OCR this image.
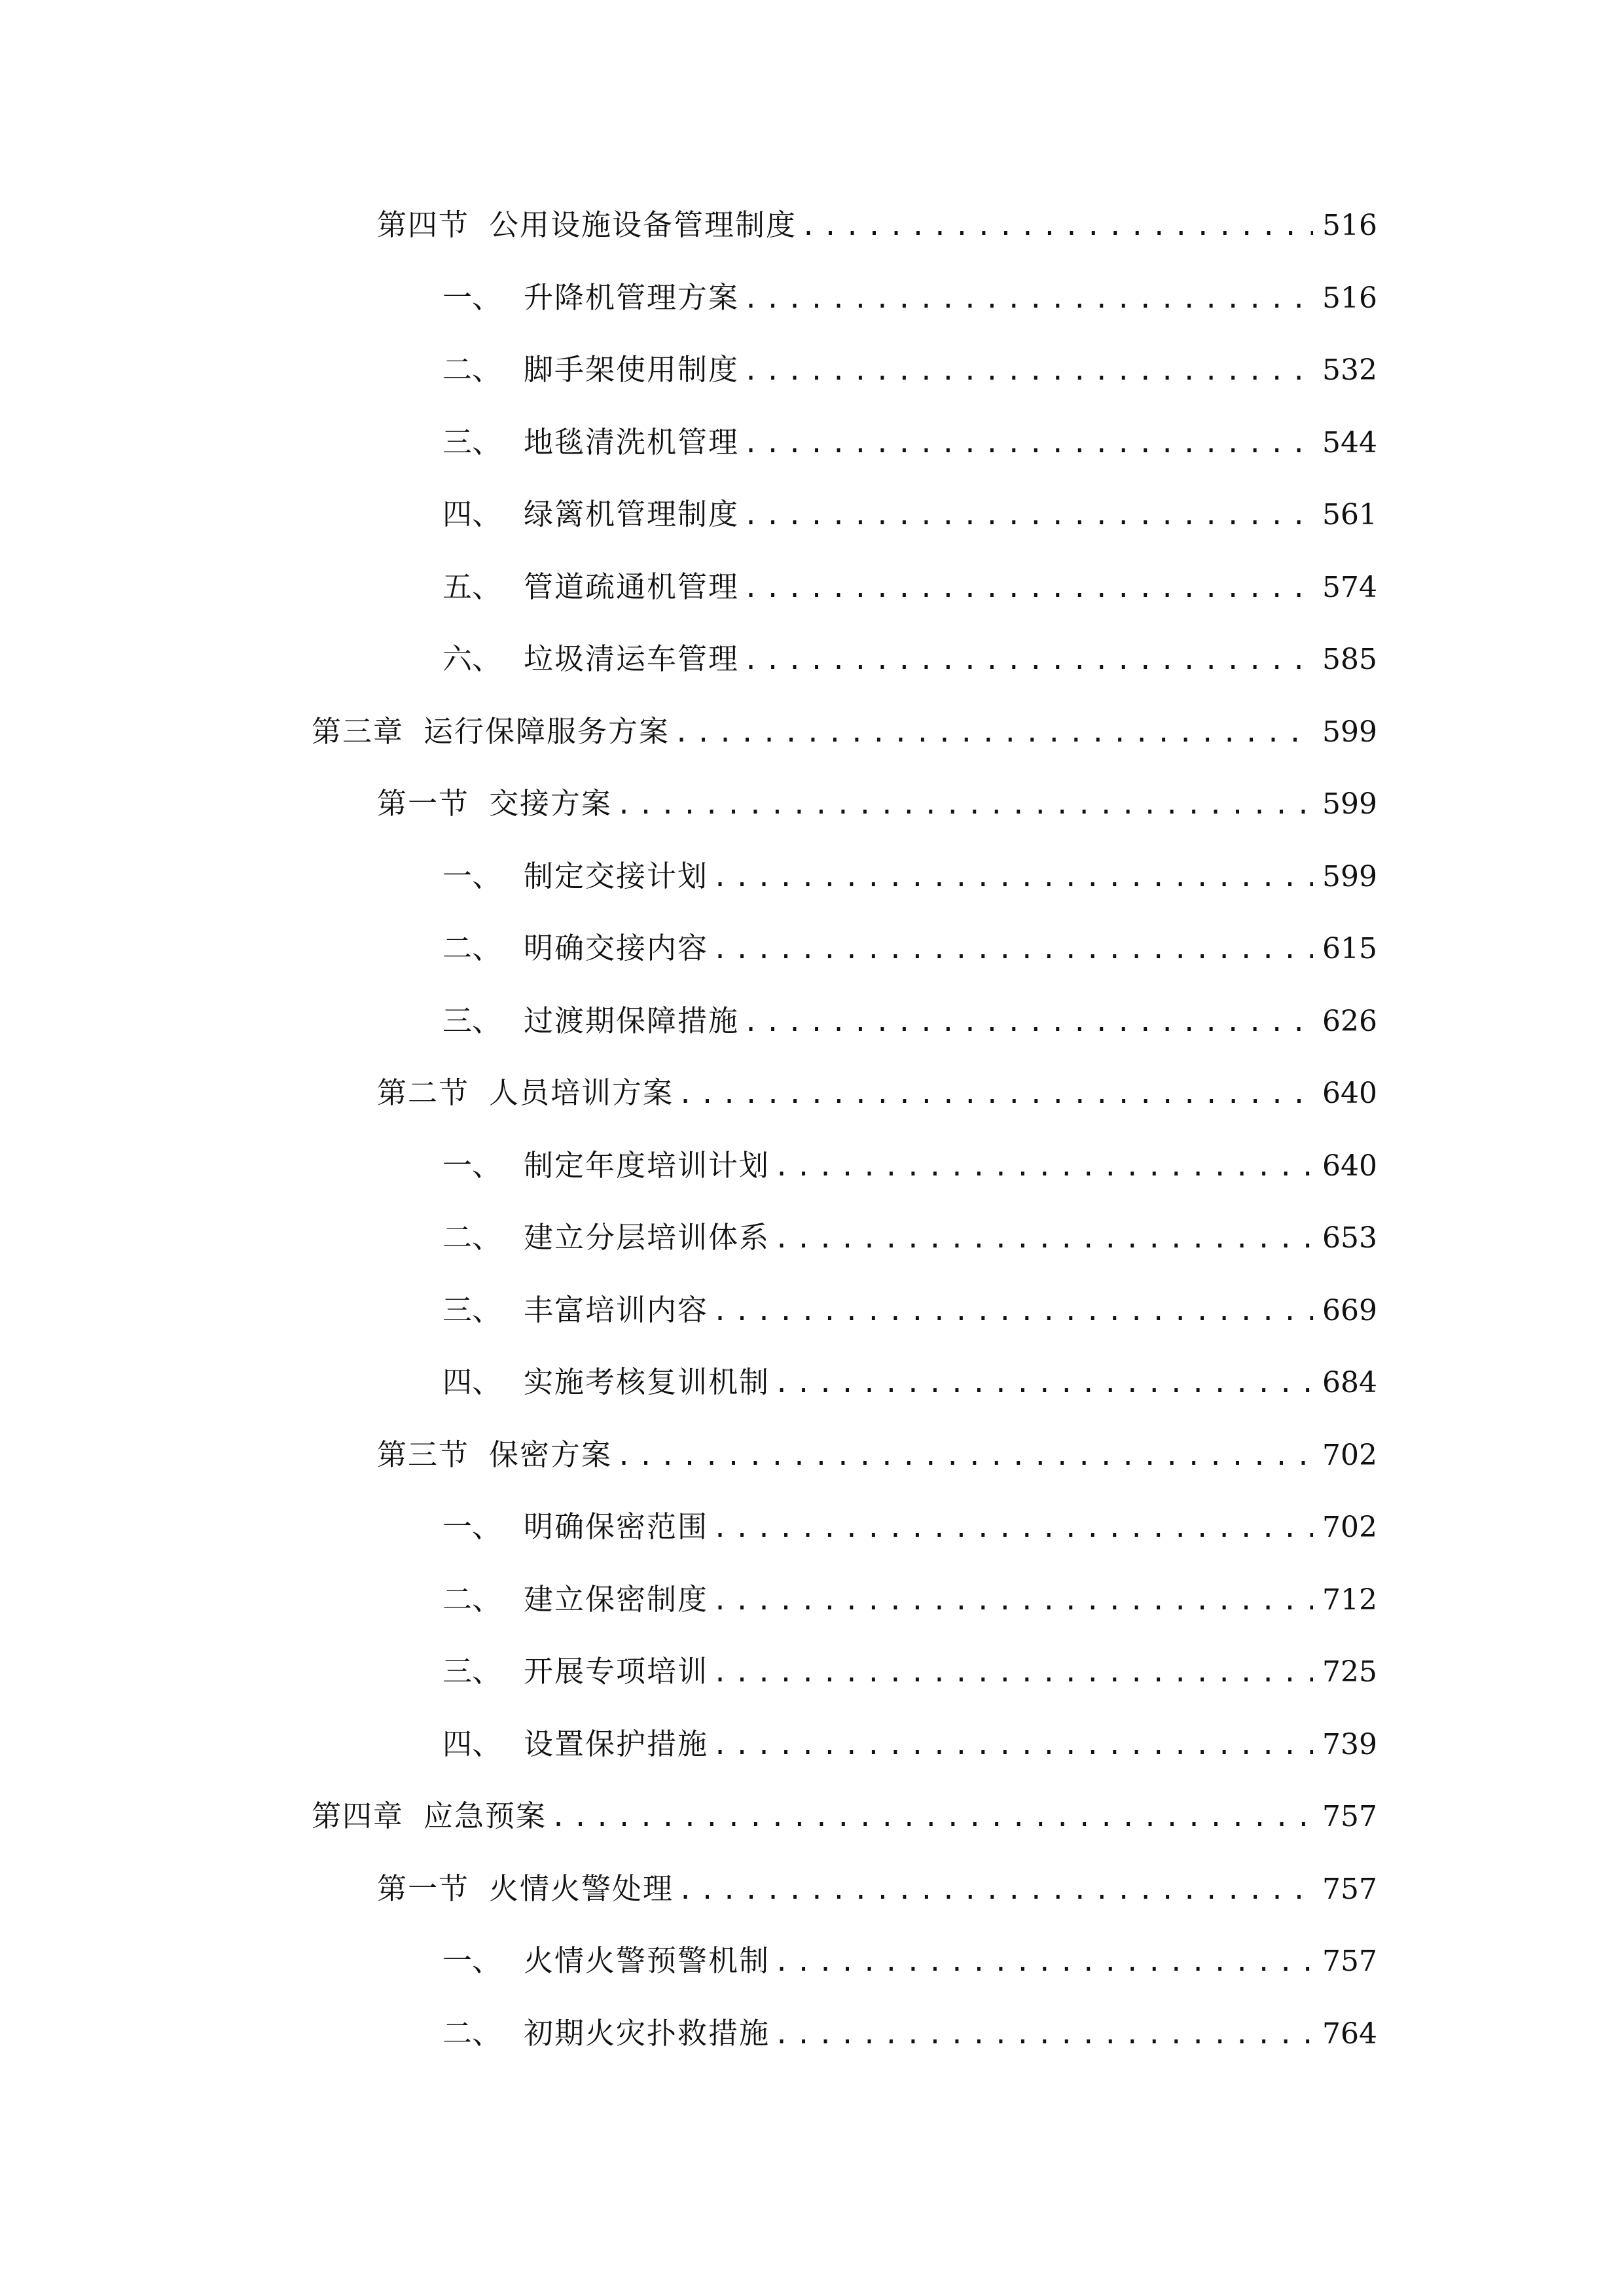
第四节 公用设施设备管理制度 .....	516
一、 升降机管理方案 .....	516
二、 脚手架使用制度 .....	532
三、 地毯清洗机管理 .....	544
四、 绿篱机管理制度 .....	561
五、 管道疏通机管理 .....	574
六、 垃圾清运车管理 .....	585
第三章 运行保障服务方案 .....	599
第一节 交接方案 .....	599
一、 制定交接计划 .....	599
二、 明确交接内容 .....	615
三、 过渡期保障措施 .....	626
第二节 人员培训方案 .....	640
一、 制定年度培训计划 .....	640
二、 建立分层培训体系 .....	653
三、 丰富培训内容 .....	669
四、 实施考核复训机制 .....	684
第三节 保密方案 .....	702
一、 明确保密范围 .....	702
二、 建立保密制度 .....	712
三、 开展专项培训 .....	725
四、 设置保护措施 .....	739
第四章 应急预案 .....	757
第一节 火情火警处理 .....	757
一、 火情火警预警机制 .....	757
二、 初期火灾扑救措施 .....	764
